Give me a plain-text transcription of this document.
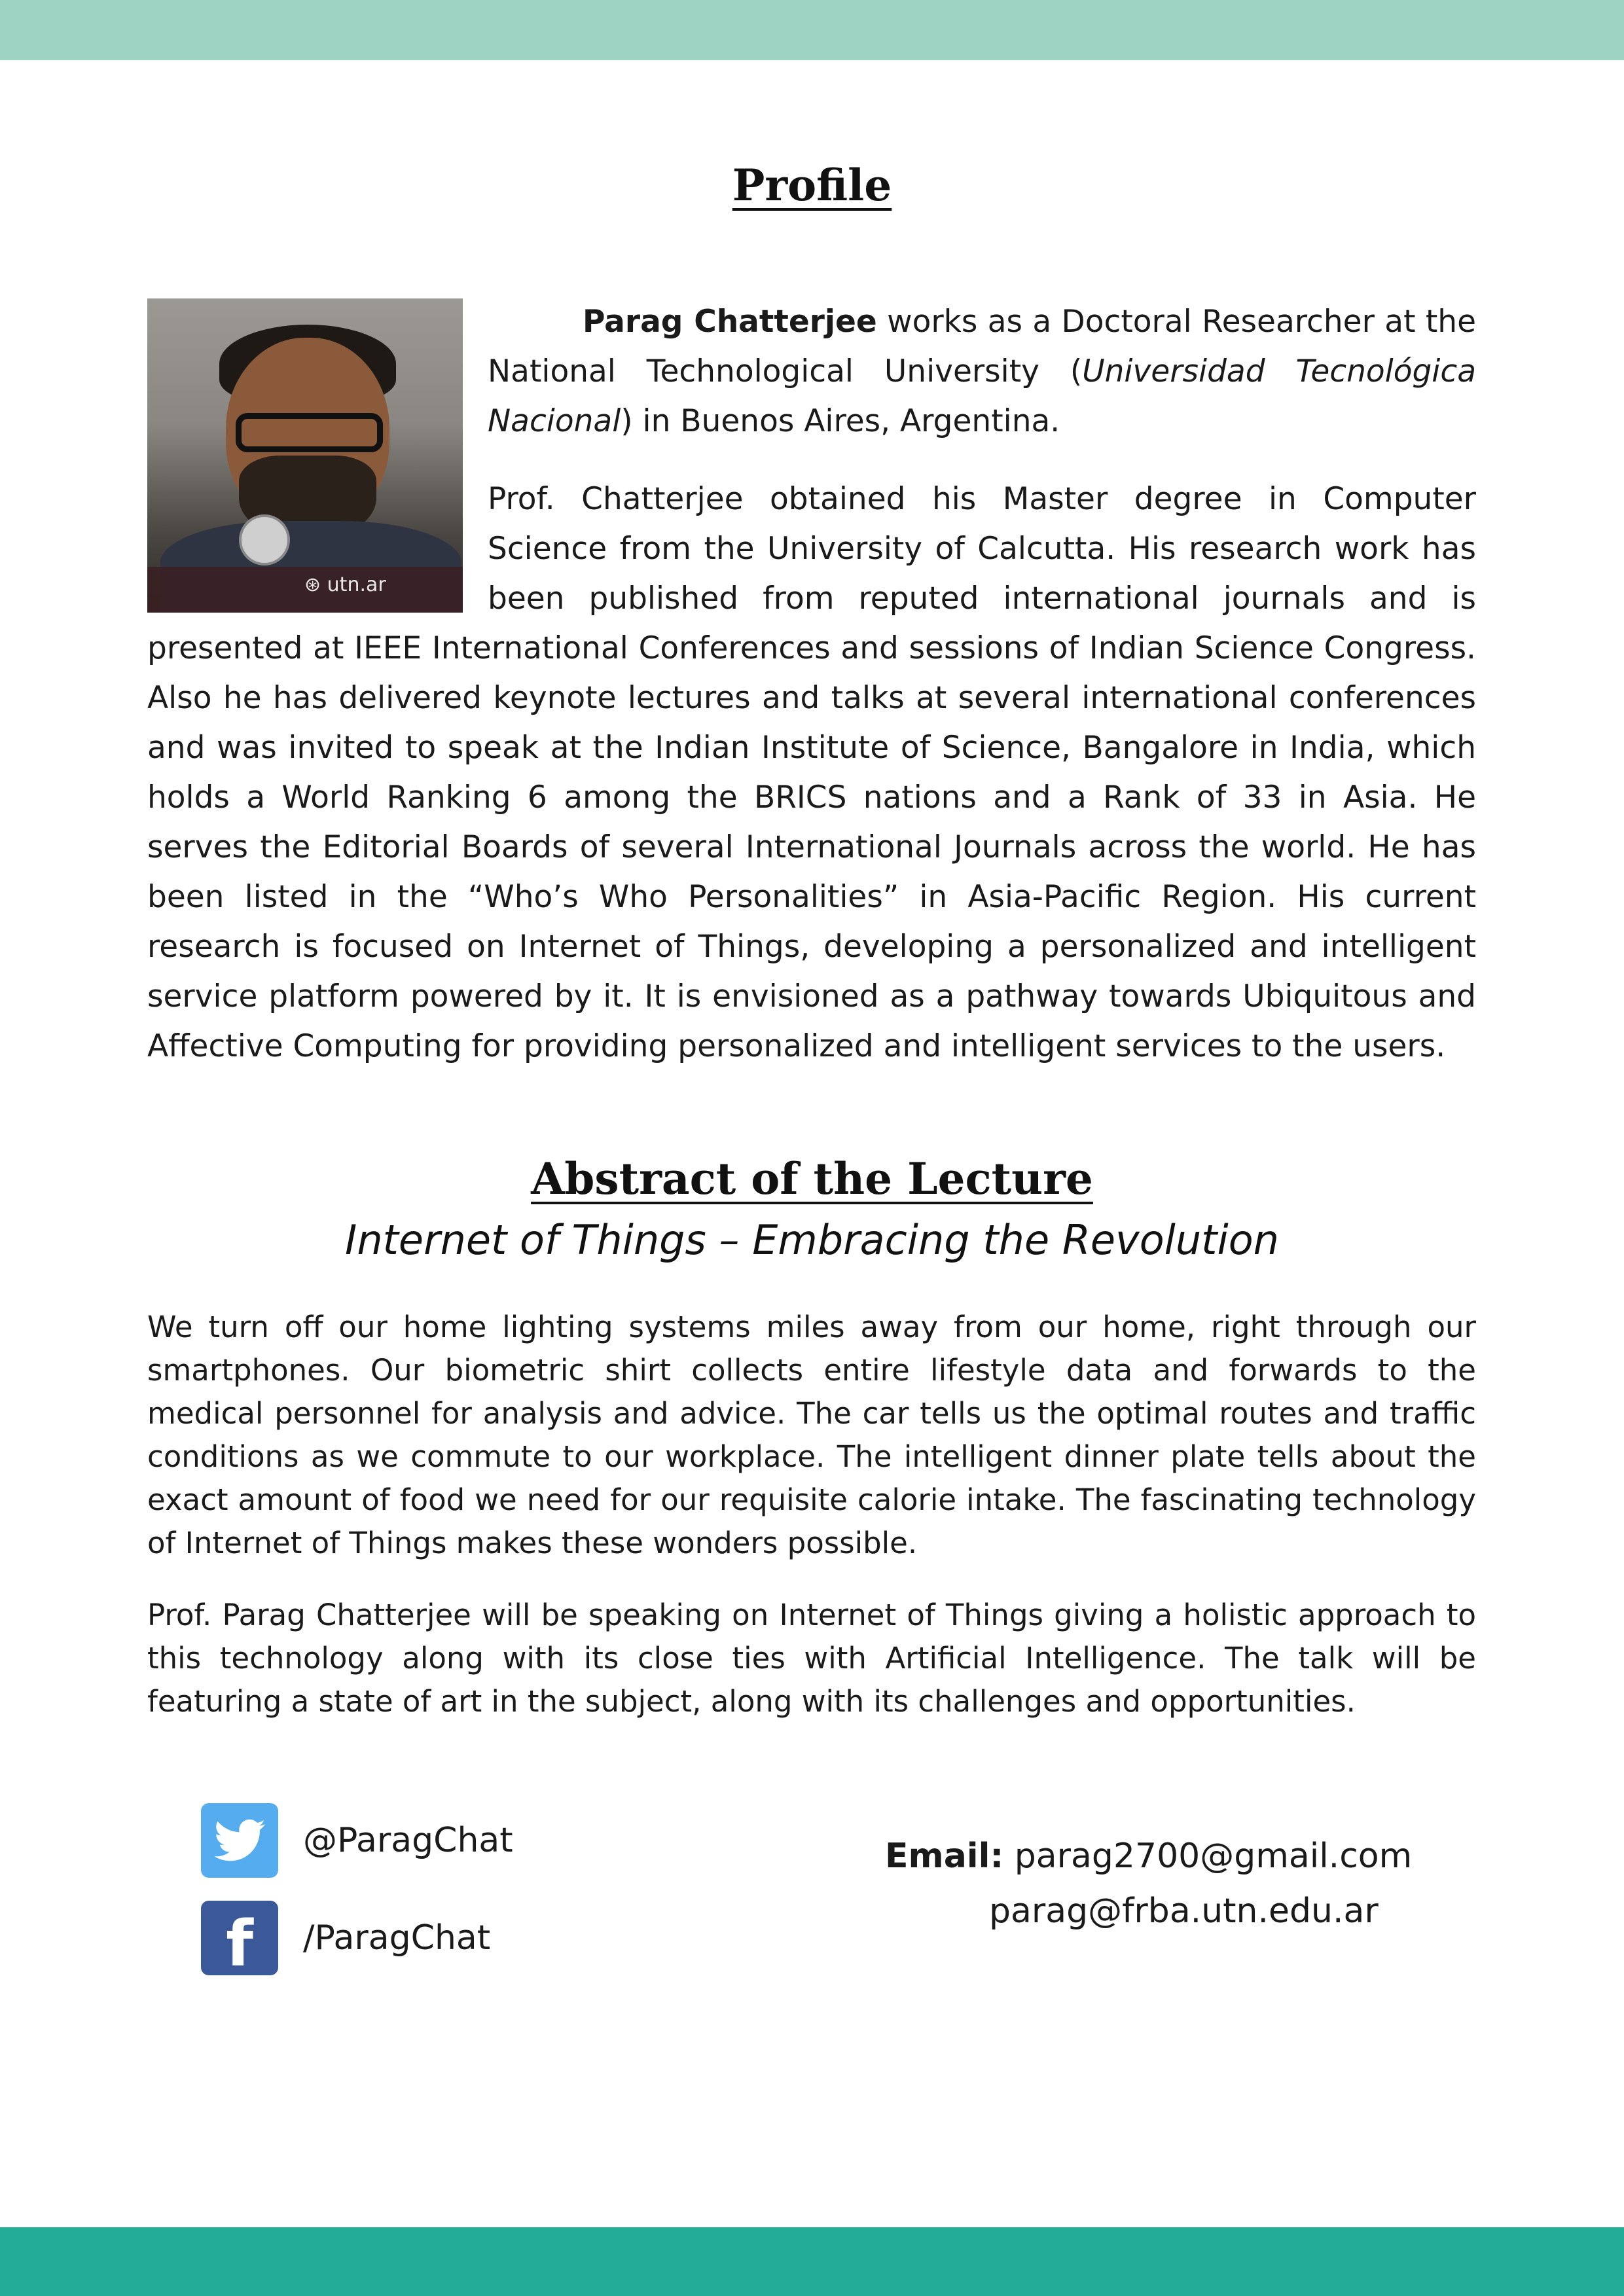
Profile
⊛ utn.ar

Parag Chatterjee works as a Doctoral Researcher at the National Technological University (Universidad Tecnológica Nacional) in Buenos Aires, Argentina.

Prof. Chatterjee obtained his Master degree in Computer Science from the University of Calcutta. His research work has been published from reputed international journals and is presented at IEEE International Conferences and sessions of Indian Science Congress. Also he has delivered keynote lectures and talks at several international conferences and was invited to speak at the Indian Institute of Science, Bangalore in India, which holds a World Ranking 6 among the BRICS nations and a Rank of 33 in Asia. He serves the Editorial Boards of several International Journals across the world. He has been listed in the “Who’s Who Personalities” in Asia-Pacific Region. His current research is focused on Internet of Things, developing a personalized and intelligent service platform powered by it. It is envisioned as a pathway towards Ubiquitous and Affective Computing for providing personalized and intelligent services to the users.
Abstract of the Lecture
Internet of Things – Embracing the Revolution

We turn off our home lighting systems miles away from our home, right through our smartphones. Our biometric shirt collects entire lifestyle data and forwards to the medical personnel for analysis and advice. The car tells us the optimal routes and traffic conditions as we commute to our workplace. The intelligent dinner plate tells about the exact amount of food we need for our requisite calorie intake. The fascinating technology of Internet of Things makes these wonders possible.

Prof. Parag Chatterjee will be speaking on Internet of Things giving a holistic approach to this technology along with its close ties with Artificial Intelligence. The talk will be featuring a state of art in the subject, along with its challenges and opportunities.

@ParagChat
f /ParagChat
Email: parag2700@gmail.com
parag@frba.utn.edu.ar
